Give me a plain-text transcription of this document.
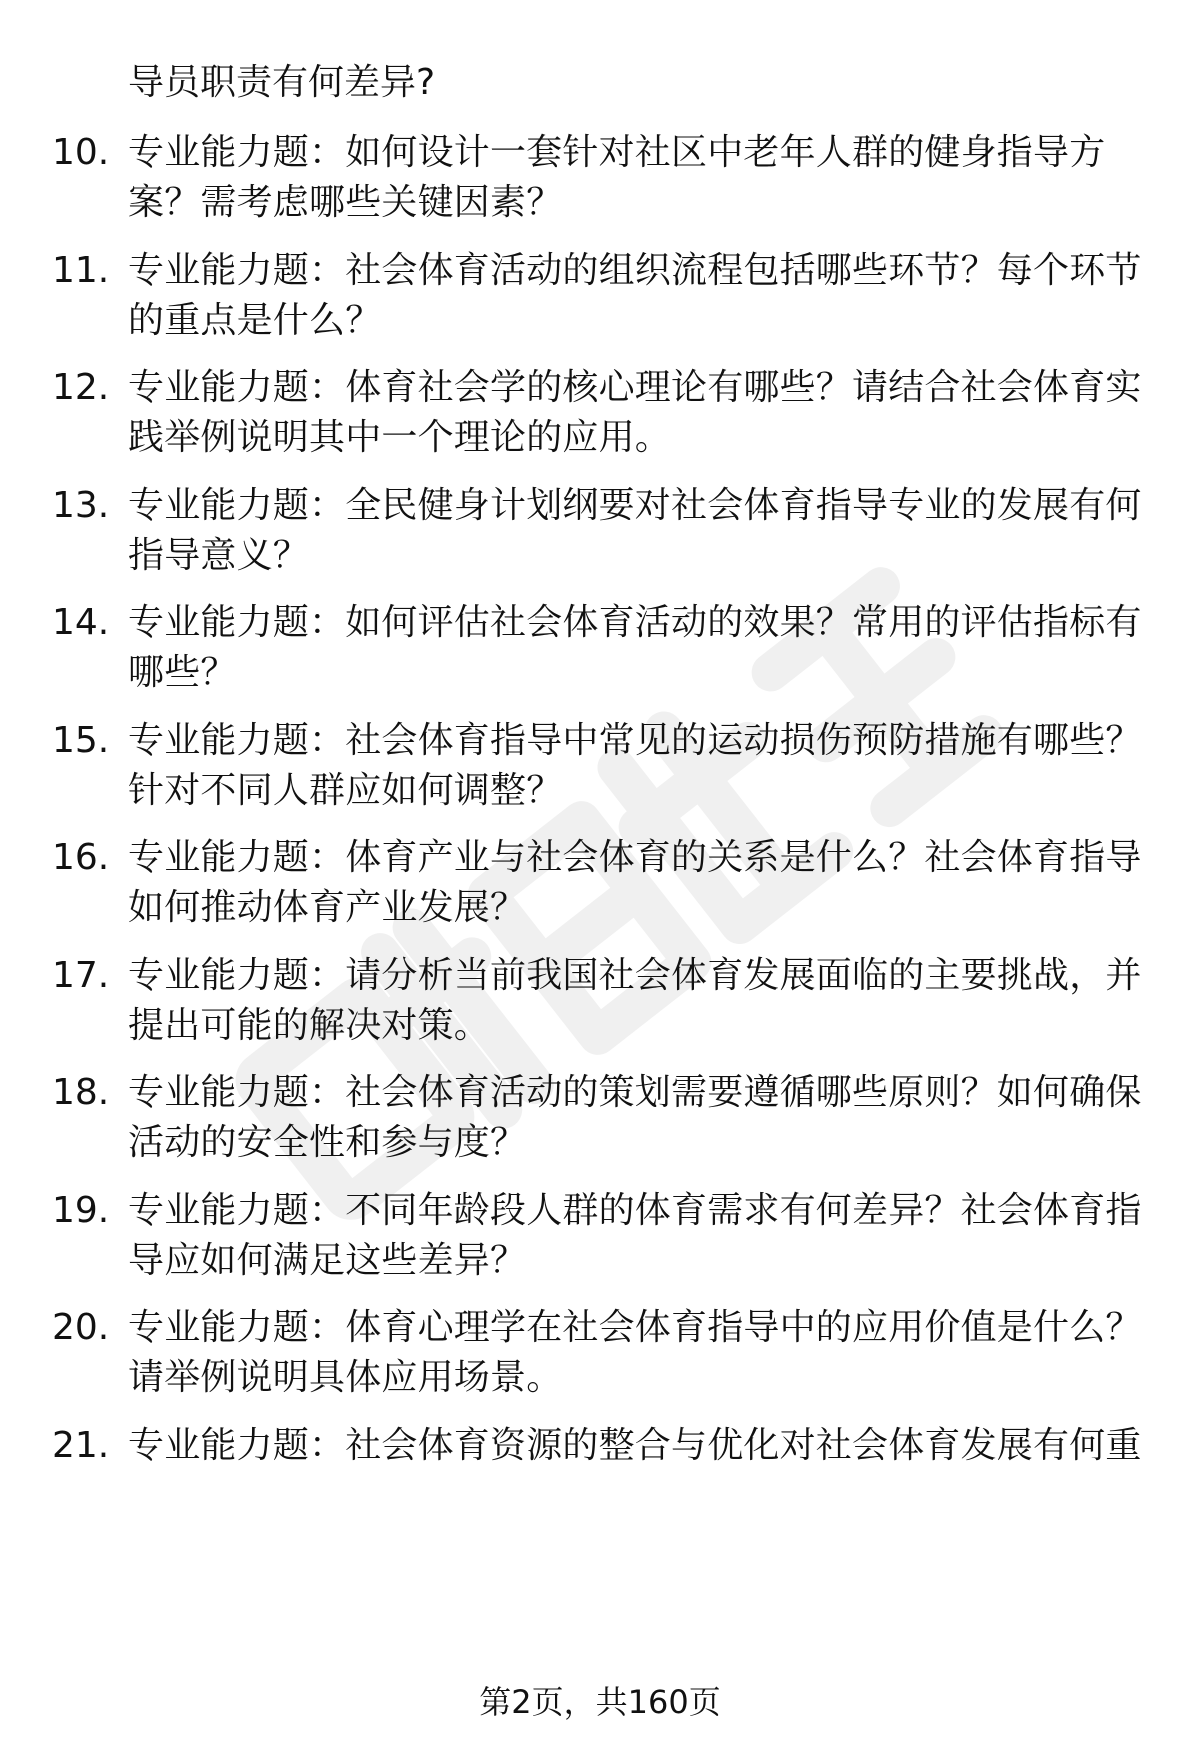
导员职责有何差异?
10. 专业能力题：如何设计一套针对社区中老年人群的健身指导方
案？需考虑哪些关键因素？
11. 专业能力题：社会体育活动的组织流程包括哪些环节？每个环节
的重点是什么？
12. 专业能力题：体育社会学的核心理论有哪些？请结合社会体育实
践举例说明其中一个理论的应用。
13. 专业能力题：全民健身计划纲要对社会体育指导专业的发展有何
指导意义？
14. 专业能力题：如何评估社会体育活动的效果？常用的评估指标有
哪些？
15. 专业能力题：社会体育指导中常见的运动损伤预防措施有哪些？
针对不同人群应如何调整？
16. 专业能力题：体育产业与社会体育的关系是什么？社会体育指导
如何推动体育产业发展？
17. 专业能力题：请分析当前我国社会体育发展面临的主要挑战，并
提出可能的解决对策。
18. 专业能力题：社会体育活动的策划需要遵循哪些原则？如何确保
活动的安全性和参与度？
19. 专业能力题：不同年龄段人群的体育需求有何差异？社会体育指
导应如何满足这些差异？
20. 专业能力题：体育心理学在社会体育指导中的应用价值是什么？
请举例说明具体应用场景。
21. 专业能力题：社会体育资源的整合与优化对社会体育发展有何重
第2页，共160页
